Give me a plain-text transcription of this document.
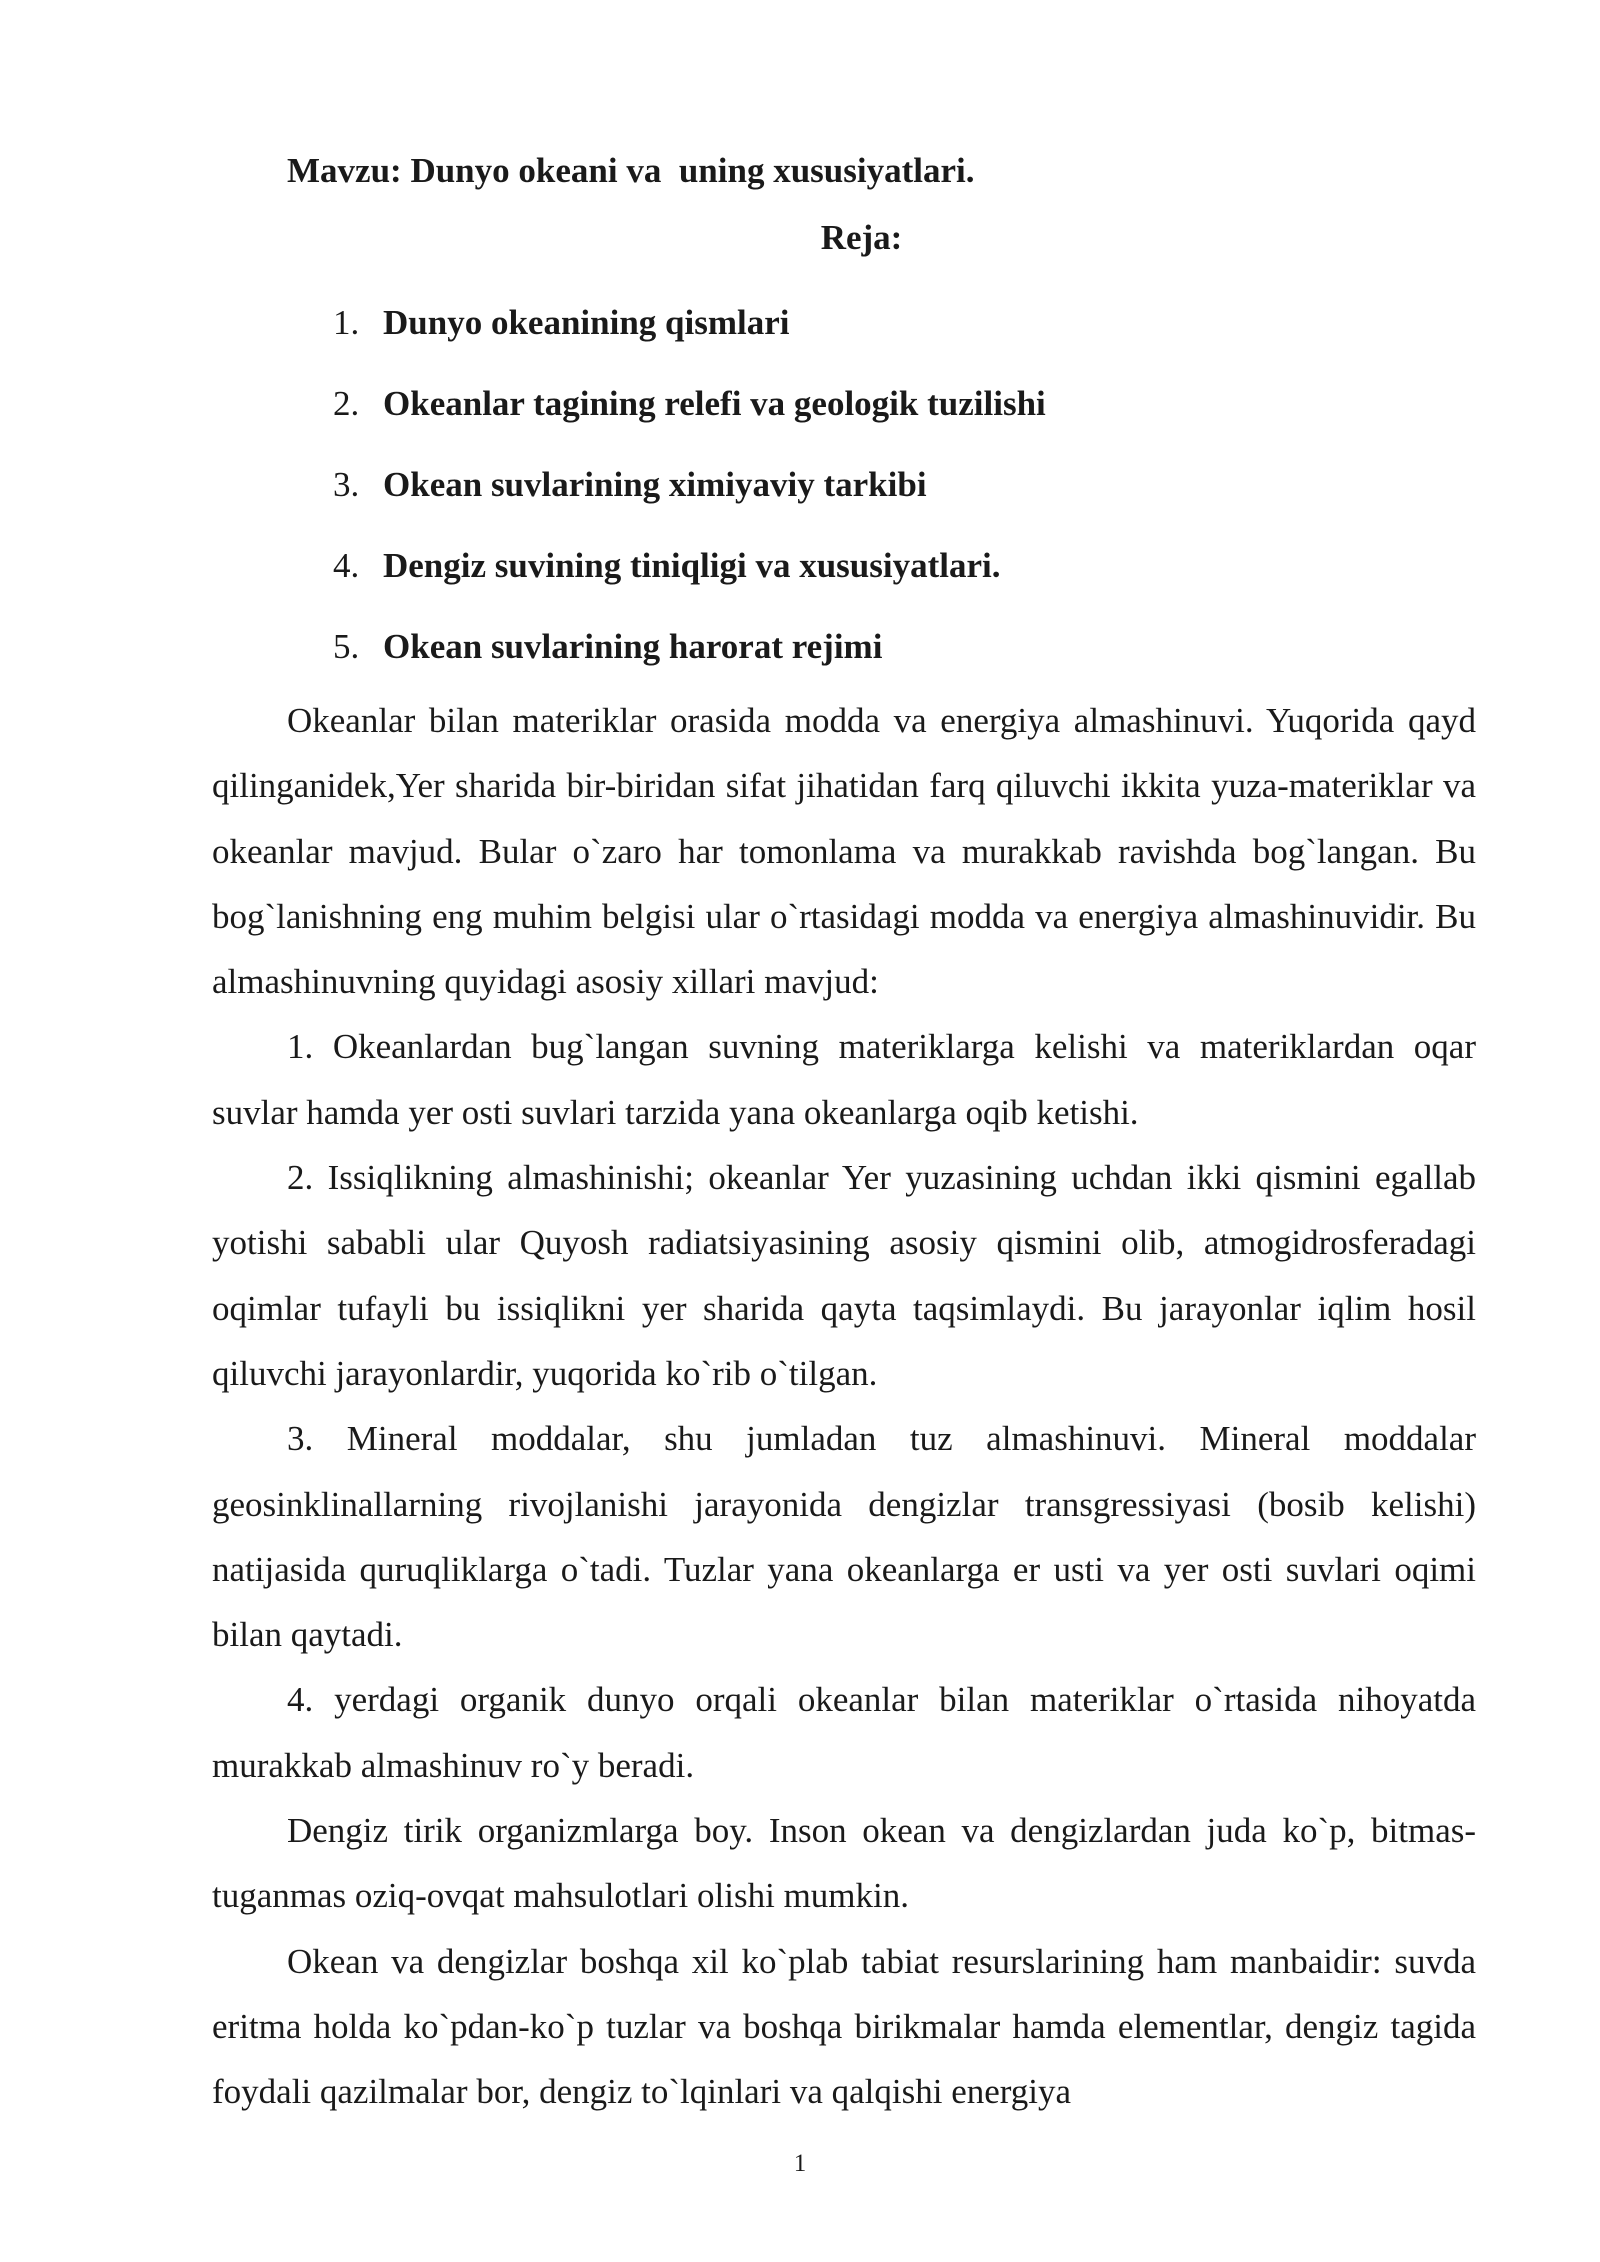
Mavzu: Dunyo okeani va  uning xususiyatlari.
Reja:
1. Dunyo okeanining qismlari
2. Okeanlar tagining relefi va geologik tuzilishi
3. Okean suvlarining ximiyaviy tarkibi
4. Dengiz suvining tiniqligi va xususiyatlari.
5. Okean suvlarining harorat rejimi

Okeanlar bilan materiklar orasida modda va energiya almashinuvi. Yuqorida qayd qilinganidek,Yer sharida bir-biridan sifat jihatidan farq qiluvchi ikkita yuza-materiklar va okeanlar mavjud. Bular o`zaro har tomonlama va murakkab ravishda bog`langan. Bu bog`lanishning eng muhim belgisi ular o`rtasidagi modda va energiya almashinuvidir. Bu almashinuvning quyidagi asosiy xillari mavjud:

1. Okeanlardan bug`langan suvning materiklarga kelishi va materiklardan oqar suvlar hamda yer osti suvlari tarzida yana okeanlarga oqib ketishi.

2. Issiqlikning almashinishi; okeanlar Yer yuzasining uchdan ikki qismini egallab yotishi sababli ular Quyosh radiatsiyasining asosiy qismini olib, atmogidrosferadagi oqimlar tufayli bu issiqlikni yer sharida qayta taqsimlaydi. Bu jarayonlar iqlim hosil qiluvchi jarayonlardir, yuqorida ko`rib o`tilgan.

3. Mineral moddalar, shu jumladan tuz almashinuvi. Mineral moddalar geosinklinallarning rivojlanishi jarayonida dengizlar transgressiyasi (bosib kelishi) natijasida quruqliklarga o`tadi. Tuzlar yana okeanlarga er usti va yer osti suvlari oqimi bilan qaytadi.

4. yerdagi organik dunyo orqali okeanlar bilan materiklar o`rtasida nihoyatda murakkab almashinuv ro`y beradi.

Dengiz tirik organizmlarga boy. Inson okean va dengizlardan juda ko`p, bitmas-tuganmas oziq-ovqat mahsulotlari olishi mumkin.

Okean va dengizlar boshqa xil ko`plab tabiat resurslarining ham manbaidir: suvda eritma holda ko`pdan-ko`p tuzlar va boshqa birikmalar hamda elementlar, dengiz tagida foydali qazilmalar bor, dengiz to`lqinlari va qalqishi energiya

1
